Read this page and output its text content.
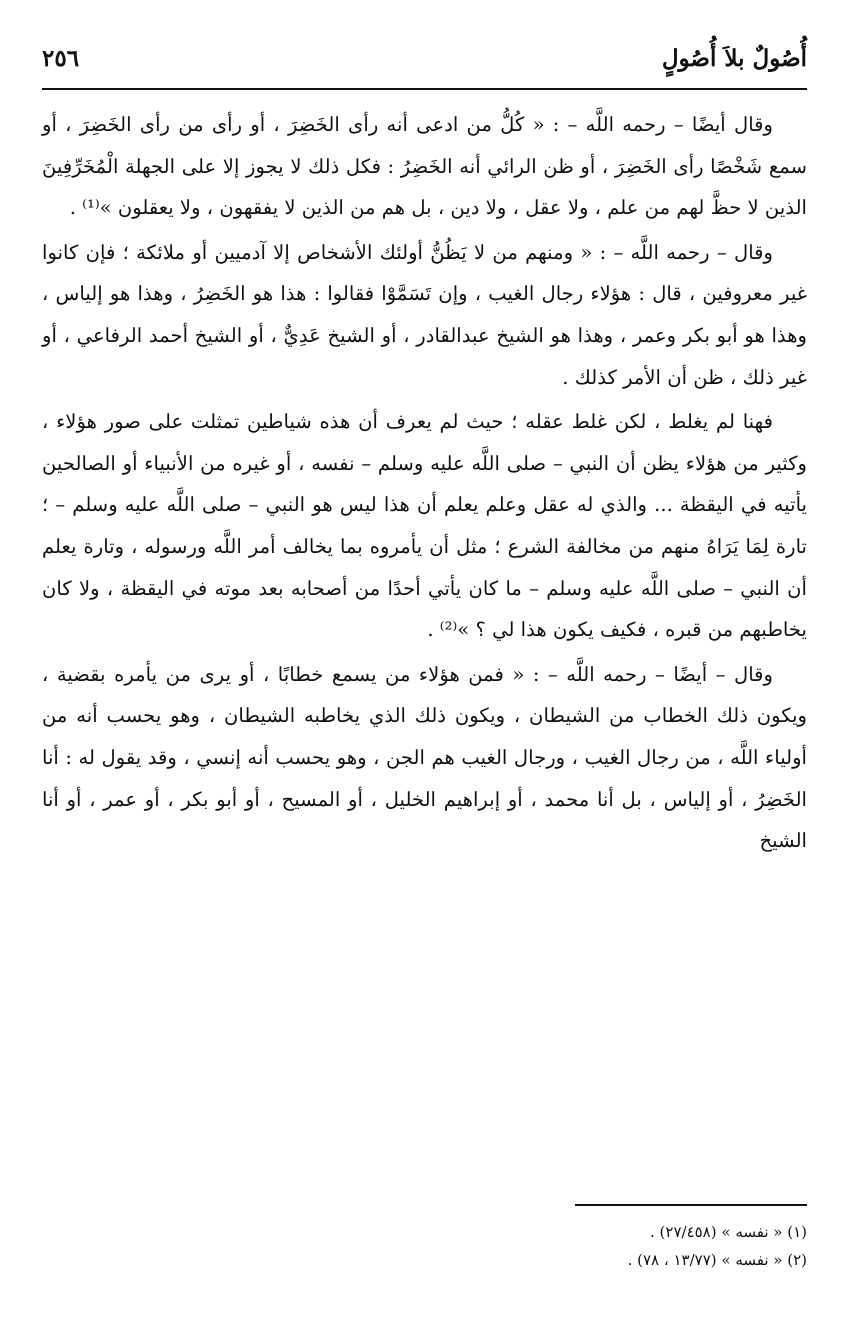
أُصُولٌ بلاَ أُصُولٍ
٢٥٦

وقال أيضًا – رحمه اللَّه – : « كُلُّ من ادعى أنه رأى الخَضِرَ ، أو رأى من رأى الخَضِرَ ، أو سمع شَخْصًا رأى الخَضِرَ ، أو ظن الرائي أنه الخَضِرُ : فكل ذلك لا يجوز إلا على الجهلة الْمُخَرِّفِينَ الذين لا حظَّ لهم من علم ، ولا عقل ، ولا دين ، بل هم من الذين لا يفقهون ، ولا يعقلون »⁽¹⁾ .

وقال – رحمه اللَّه – : « ومنهم من لا يَظُنُّ أولئك الأشخاص إلا آدميين أو ملائكة ؛ فإن كانوا غير معروفين ، قال : هؤلاء رجال الغيب ، وإن تَسَمَّوْا فقالوا : هذا هو الخَضِرُ ، وهذا هو إلياس ، وهذا هو أبو بكر وعمر ، وهذا هو الشيخ عبدالقادر ، أو الشيخ عَدِيٌّ ، أو الشيخ أحمد الرفاعي ، أو غير ذلك ، ظن أن الأمر كذلك .

فهنا لم يغلط ، لكن غلط عقله ؛ حيث لم يعرف أن هذه شياطين تمثلت على صور هؤلاء ، وكثير من هؤلاء يظن أن النبي – صلى اللَّه عليه وسلم – نفسه ، أو غيره من الأنبياء أو الصالحين يأتيه في اليقظة ... والذي له عقل وعلم يعلم أن هذا ليس هو النبي – صلى اللَّه عليه وسلم – ؛ تارة لِمَا يَرَاهُ منهم من مخالفة الشرع ؛ مثل أن يأمروه بما يخالف أمر اللَّه ورسوله ، وتارة يعلم أن النبي – صلى اللَّه عليه وسلم – ما كان يأتي أحدًا من أصحابه بعد موته في اليقظة ، ولا كان يخاطبهم من قبره ، فكيف يكون هذا لي ؟ »⁽²⁾ .

وقال – أيضًا – رحمه اللَّه – : « فمن هؤلاء من يسمع خطابًا ، أو يرى من يأمره بقضية ، ويكون ذلك الخطاب من الشيطان ، ويكون ذلك الذي يخاطبه الشيطان ، وهو يحسب أنه من أولياء اللَّه ، من رجال الغيب ، ورجال الغيب هم الجن ، وهو يحسب أنه إنسي ، وقد يقول له : أنا الخَضِرُ ، أو إلياس ، بل أنا محمد ، أو إبراهيم الخليل ، أو المسيح ، أو أبو بكر ، أو عمر ، أو أنا الشيخ

(١) « نفسه » (٢٧/٤٥٨) .

(٢) « نفسه » (١٣/٧٧ ، ٧٨) .
